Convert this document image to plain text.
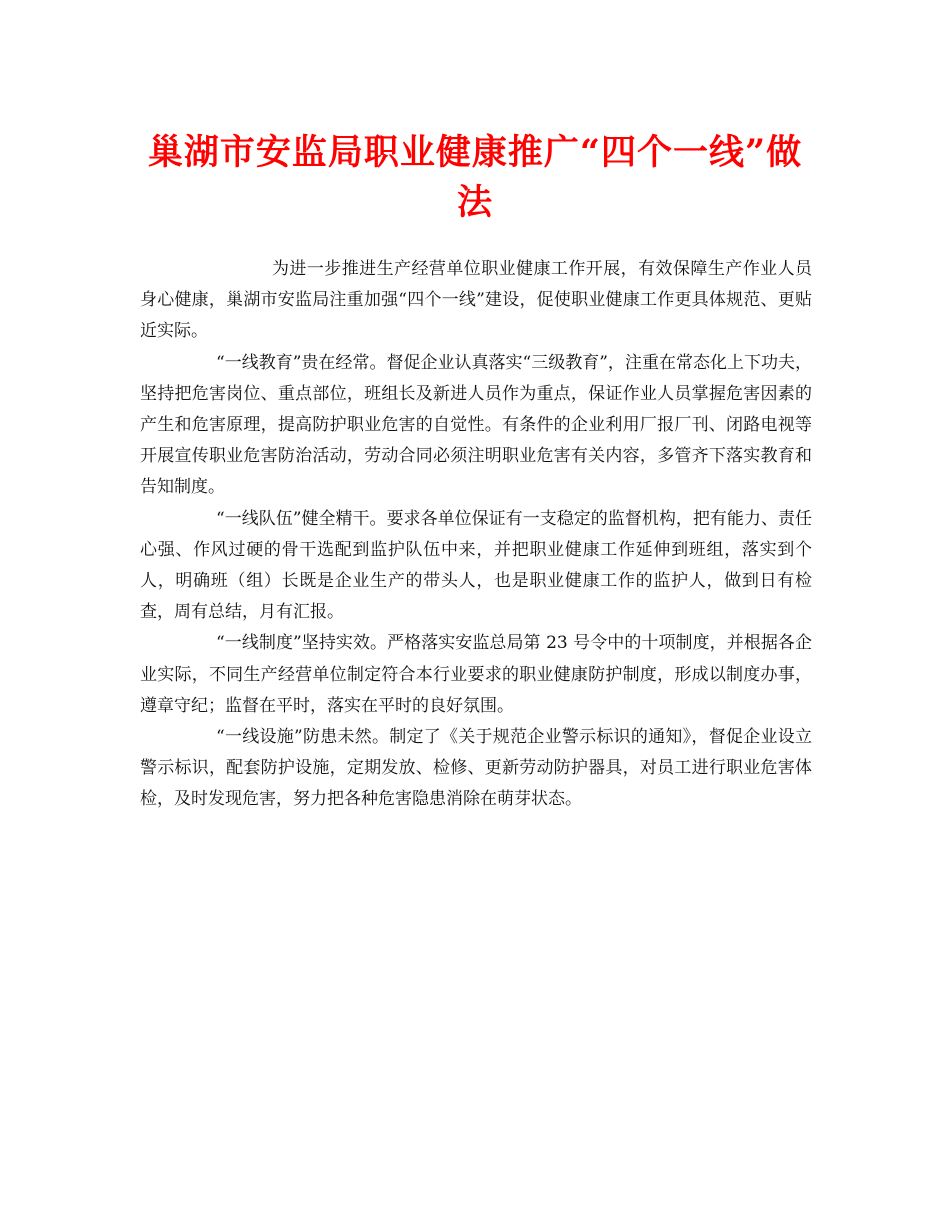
巢湖市安监局职业健康推广“四个一线”做法

为进一步推进生产经营单位职业健康工作开展，有效保障生产作业人员身心健康，巢湖市安监局注重加强“四个一线”建设，促使职业健康工作更具体规范、更贴近实际。

“一线教育”贵在经常。督促企业认真落实“三级教育”，注重在常态化上下功夫，坚持把危害岗位、重点部位，班组长及新进人员作为重点，保证作业人员掌握危害因素的产生和危害原理，提高防护职业危害的自觉性。有条件的企业利用厂报厂刊、闭路电视等开展宣传职业危害防治活动，劳动合同必须注明职业危害有关内容，多管齐下落实教育和告知制度。

“一线队伍”健全精干。要求各单位保证有一支稳定的监督机构，把有能力、责任心强、作风过硬的骨干选配到监护队伍中来，并把职业健康工作延伸到班组，落实到个人，明确班（组）长既是企业生产的带头人，也是职业健康工作的监护人，做到日有检查，周有总结，月有汇报。

“一线制度”坚持实效。严格落实安监总局第 23 号令中的十项制度，并根据各企业实际，不同生产经营单位制定符合本行业要求的职业健康防护制度，形成以制度办事，遵章守纪；监督在平时，落实在平时的良好氛围。

“一线设施”防患未然。制定了《关于规范企业警示标识的通知》，督促企业设立警示标识，配套防护设施，定期发放、检修、更新劳动防护器具，对员工进行职业危害体检，及时发现危害，努力把各种危害隐患消除在萌芽状态。
